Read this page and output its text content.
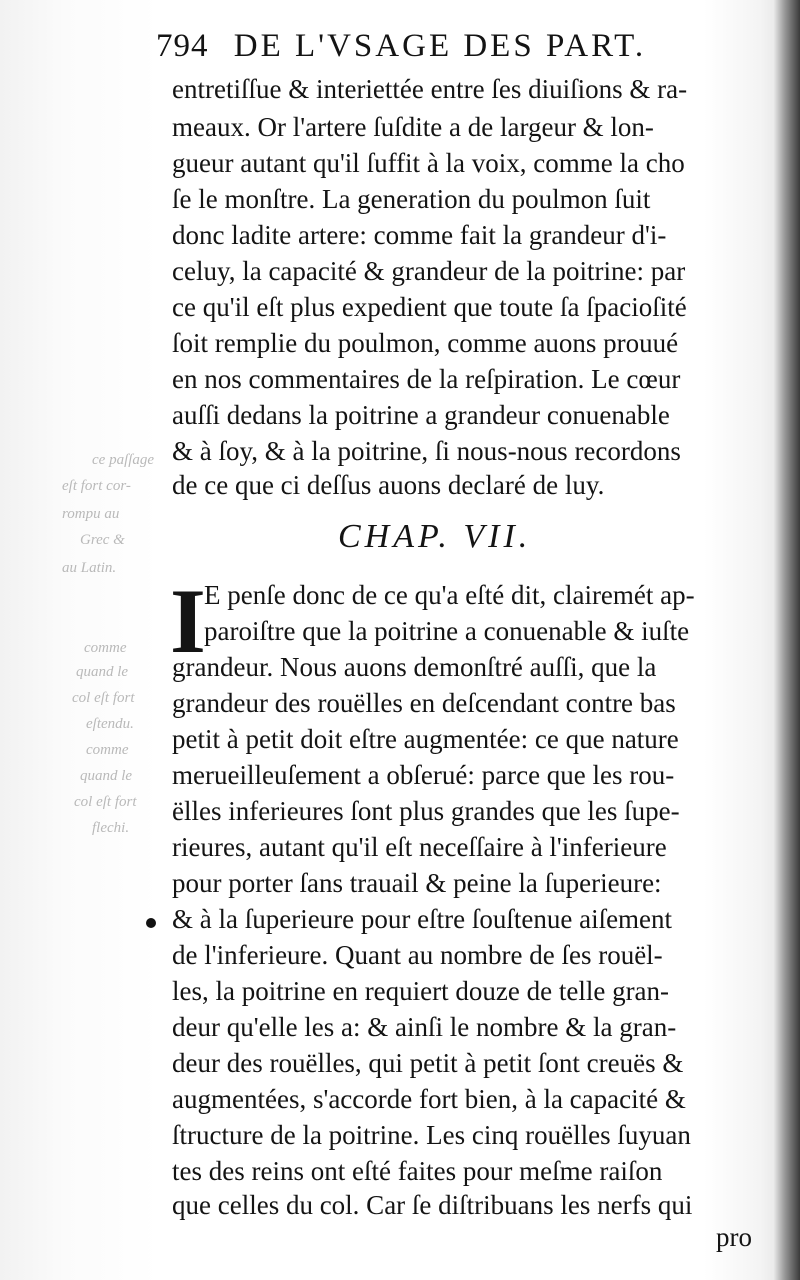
ce paſſage
eſt fort cor-
rompu au
Grec &
au Latin.
comme
quand le
col eſt fort
eſtendu.
comme
quand le
col eſt fort
flechi.
794 DE L'VSAGE DES PART.
entretiſſue & interiettée entre ſes diuiſions & ra-
meaux. Or l'artere ſuſdite a de largeur & lon-
gueur autant qu'il ſuffit à la voix, comme la cho
ſe le monſtre. La generation du poulmon ſuit
donc ladite artere: comme fait la grandeur d'i-
celuy, la capacité & grandeur de la poitrine: par
ce qu'il eſt plus expedient que toute ſa ſpacioſité
ſoit remplie du poulmon, comme auons prouué
en nos commentaires de la reſpiration. Le cœur
auſſi dedans la poitrine a grandeur conuenable
& à ſoy, & à la poitrine, ſi nous-nous recordons
de ce que ci deſſus auons declaré de luy.
CHAP. VII.
I
E penſe donc de ce qu'a eſté dit, clairemét ap-
paroiſtre que la poitrine a conuenable & iuſte
grandeur. Nous auons demonſtré auſſi, que la
grandeur des rouëlles en deſcendant contre bas
petit à petit doit eſtre augmentée: ce que nature
merueilleuſement a obſerué: parce que les rou-
ëlles inferieures ſont plus grandes que les ſupe-
rieures, autant qu'il eſt neceſſaire à l'inferieure
pour porter ſans trauail & peine la ſuperieure:
& à la ſuperieure pour eſtre ſouſtenue aiſement
de l'inferieure. Quant au nombre de ſes rouël-
les, la poitrine en requiert douze de telle gran-
deur qu'elle les a: & ainſi le nombre & la gran-
deur des rouëlles, qui petit à petit ſont creuës &
augmentées, s'accorde fort bien, à la capacité &
ſtructure de la poitrine. Les cinq rouëlles ſuyuan
tes des reins ont eſté faites pour meſme raiſon
que celles du col. Car ſe diſtribuans les nerfs qui
pro
